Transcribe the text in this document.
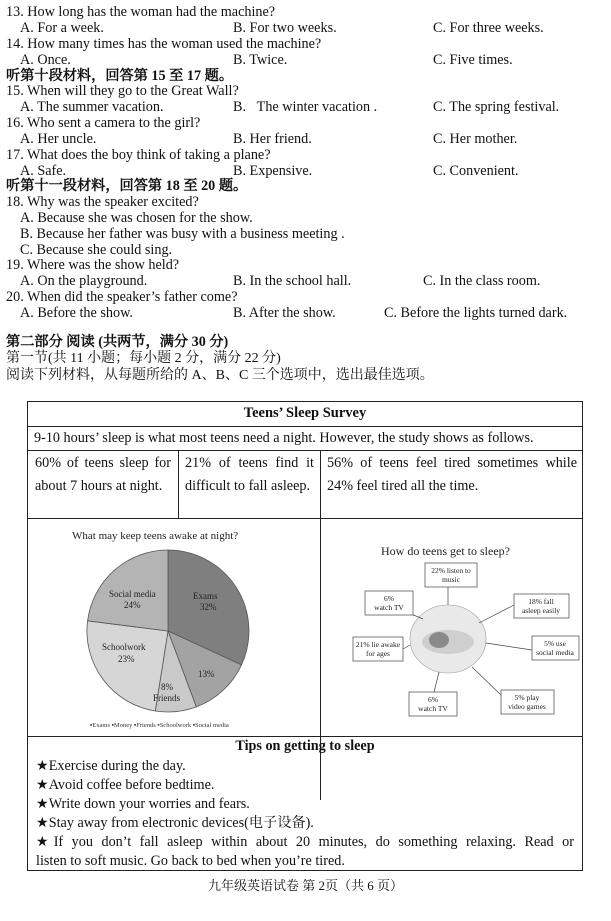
13. How long has the woman had the machine?
A. For a week.	B. For two weeks.	C. For three weeks.
14. How many times has the woman used the machine?
A. Once.	B. Twice.	C. Five times.
听第十段材料，回答第 15 至 17 题。
15. When will they go to the Great Wall?
A. The summer vacation.	B.   The winter vacation .	C. The spring festival.
16. Who sent a camera to the girl?
A. Her uncle.	B. Her friend.	C. Her mother.
17. What does the boy think of taking a plane?
A. Safe.	B. Expensive.	C. Convenient.
听第十一段材料，回答第 18 至 20 题。
18. Why was the speaker excited?
A. Because she was chosen for the show.
B. Because her father was busy with a business meeting .
C. Because she could sing.
19. Where was the show held?
A. On the playground.	B. In the school hall.	C. In the class room.
20. When did the speaker’s father come?
A. Before the show.	B. After the show.	C. Before the lights turned dark.
第二部分 阅读 (共两节，满分 30 分)
第一节(共 11 小题；每小题 2 分，满分 22 分)
阅读下列材料，从每题所给的 A、B、C 三个选项中，选出最佳选项。
Teens’ Sleep Survey
9-10 hours’ sleep is what most teens need a night. However, the study shows as follows.
60% of teens sleep for about 7 hours at night.
21% of teens find it difficult to fall asleep.
56% of teens feel tired sometimes while 24% feel tired all the time.
What may keep teens awake at night?
Exams
32%
13%
8%
Friends
Schoolwork
23%
Social media
24%
▪Exams ▪Money ▪Friends ▪Schoolwork ▪Social media
How do teens get to sleep?
22% listen to
music
6%
watch TV
18% fall
asleep easily
21% lie awake
for ages
5% use
social media
6%
watch TV
5% play
video games
Tips on getting to sleep
★Exercise during the day.
★Avoid coffee before bedtime.
★Write down your worries and fears.
★Stay away from electronic devices(电子设备).
★If you don’t fall asleep within about 20 minutes, do something relaxing. Read or
listen to soft music. Go back to bed when you’re tired.
九年级英语试卷 第 2页（共 6 页）
